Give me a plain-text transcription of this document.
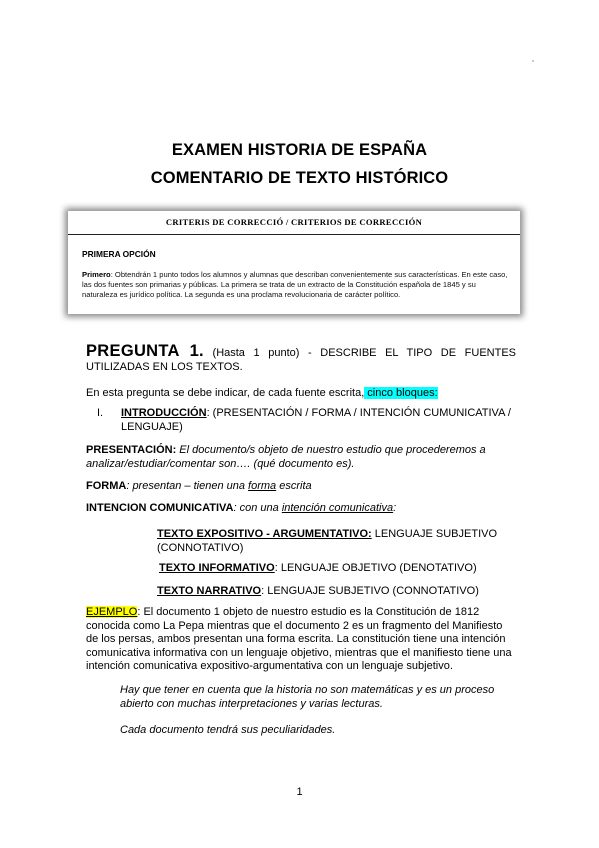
EXAMEN HISTORIA DE ESPAÑA
COMENTARIO DE TEXTO HISTÓRICO
CRITERIS DE CORRECCIÓ / CRITERIOS DE CORRECCIÓN
PRIMERA OPCIÓN
Primero: Obtendrán 1 punto todos los alumnos y alumnas que describan convenientemente sus características. En este caso, las dos fuentes son primarias y públicas. La primera se trata de un extracto de la Constitución española de 1845 y su naturaleza es jurídico política. La segunda es una proclama revolucionaria de carácter político.
PREGUNTA 1. (Hasta 1 punto) - DESCRIBE EL TIPO DE FUENTES UTILIZADAS EN LOS TEXTOS.
En esta pregunta se debe indicar, de cada fuente escrita, cinco bloques:
I. INTRODUCCIÓN: (PRESENTACIÓN / FORMA / INTENCIÓN CUMUNICATIVA / LENGUAJE)
PRESENTACIÓN: El documento/s objeto de nuestro estudio que procederemos a analizar/estudiar/comentar son…. (qué documento es).
FORMA: presentan – tienen una forma escrita
INTENCION COMUNICATIVA: con una intención comunicativa:
TEXTO EXPOSITIVO - ARGUMENTATIVO: LENGUAJE SUBJETIVO (CONNOTATIVO)
TEXTO INFORMATIVO: LENGUAJE OBJETIVO (DENOTATIVO)
TEXTO NARRATIVO: LENGUAJE SUBJETIVO (CONNOTATIVO)
EJEMPLO: El documento 1 objeto de nuestro estudio es la Constitución de 1812 conocida como La Pepa mientras que el documento 2 es un fragmento del Manifiesto de los persas, ambos presentan una forma escrita. La constitución tiene una intención comunicativa informativa con un lenguaje objetivo, mientras que el manifiesto tiene una intención comunicativa expositivo-argumentativa con un lenguaje subjetivo.
Hay que tener en cuenta que la historia no son matemáticas y es un proceso abierto con muchas interpretaciones y varias lecturas.
Cada documento tendrá sus peculiaridades.
1
